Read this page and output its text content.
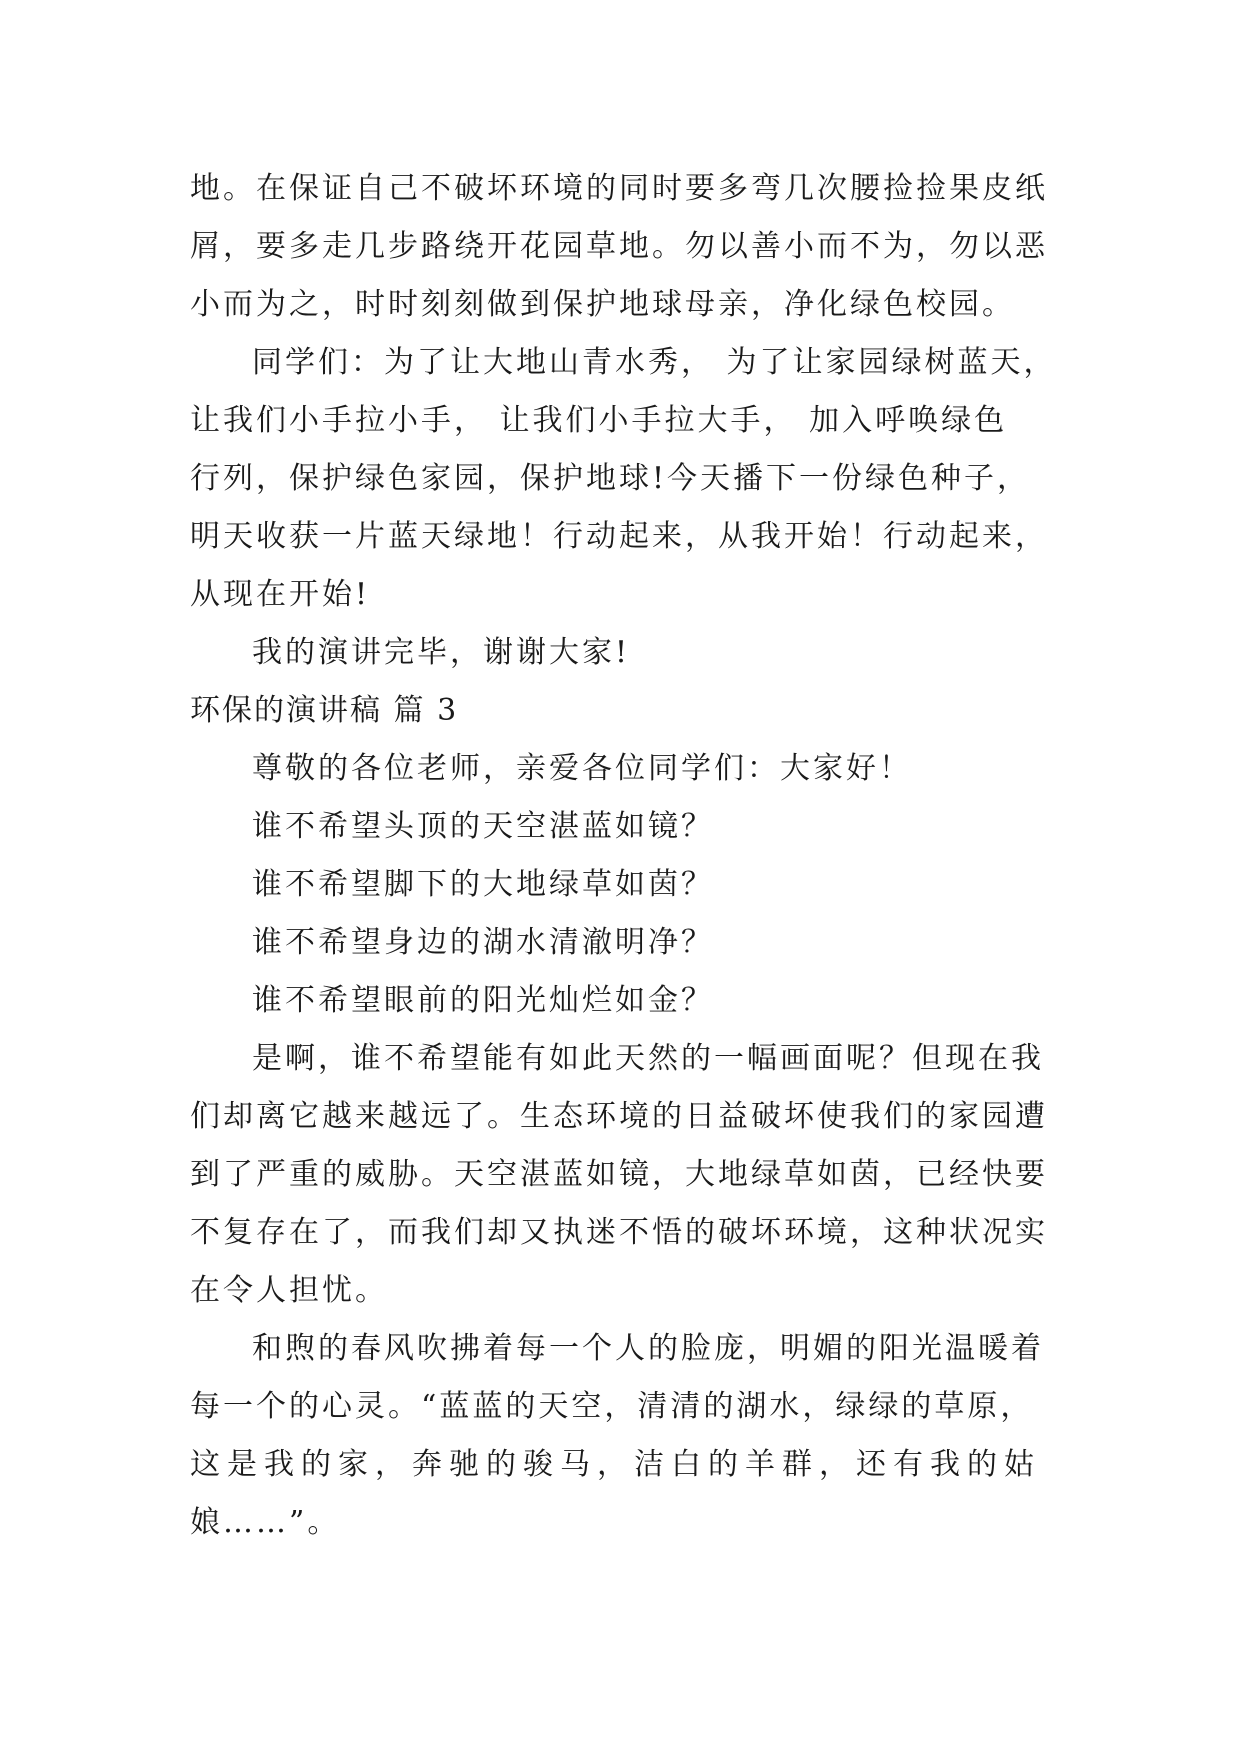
地。在保证自己不破坏环境的同时要多弯几次腰捡捡果皮纸
屑，要多走几步路绕开花园草地。勿以善小而不为，勿以恶
小而为之，时时刻刻做到保护地球母亲，净化绿色校园。
同学们：为了让大地山青水秀， 为了让家园绿树蓝天，
让我们小手拉小手， 让我们小手拉大手， 加入呼唤绿色
行列，保护绿色家园，保护地球!今天播下一份绿色种子，
明天收获一片蓝天绿地！行动起来，从我开始！行动起来，
从现在开始!
我的演讲完毕，谢谢大家!
环保的演讲稿 篇 3
尊敬的各位老师，亲爱各位同学们：大家好！
谁不希望头顶的天空湛蓝如镜？
谁不希望脚下的大地绿草如茵？
谁不希望身边的湖水清澈明净？
谁不希望眼前的阳光灿烂如金？
是啊，谁不希望能有如此天然的一幅画面呢？但现在我
们却离它越来越远了。生态环境的日益破坏使我们的家园遭
到了严重的威胁。天空湛蓝如镜，大地绿草如茵，已经快要
不复存在了，而我们却又执迷不悟的破坏环境，这种状况实
在令人担忧。
和煦的春风吹拂着每一个人的脸庞，明媚的阳光温暖着
每一个的心灵。“蓝蓝的天空，清清的湖水，绿绿的草原，
这是我的家，奔驰的骏马，洁白的羊群，还有我的姑
娘……”。
